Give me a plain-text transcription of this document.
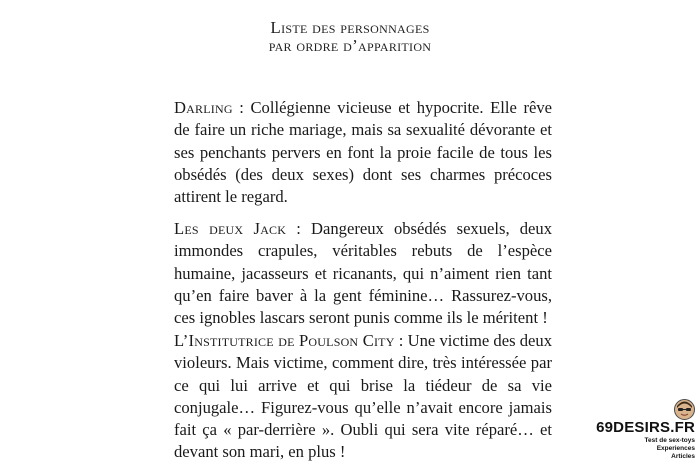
Liste des personnages
par ordre d’apparition

Darling : Collégienne vicieuse et hypocrite. Elle rêve de faire un riche mariage, mais sa sexualité dévorante et ses penchants pervers en font la proie facile de tous les obsédés (des deux sexes) dont ses charmes précoces attirent le regard.

Les deux Jack : Dangereux obsédés sexuels, deux immondes crapules, véritables rebuts de l’espèce humaine, jacasseurs et ricanants, qui n’aiment rien tant qu’en faire baver à la gent féminine… Rassurez-vous, ces ignobles lascars seront punis comme ils le méritent !

L’Institutrice de Poulson City : Une victime des deux violeurs. Mais victime, comment dire, très intéressée par ce qui lui arrive et qui brise la tiédeur de sa vie conjugale… Figurez-vous qu’elle n’avait encore jamais fait ça « par-derrière ». Oubli qui sera vite réparé… et devant son mari, en plus !

69DESIRS.FR
Test de sex-toys
Experiences
Articles
